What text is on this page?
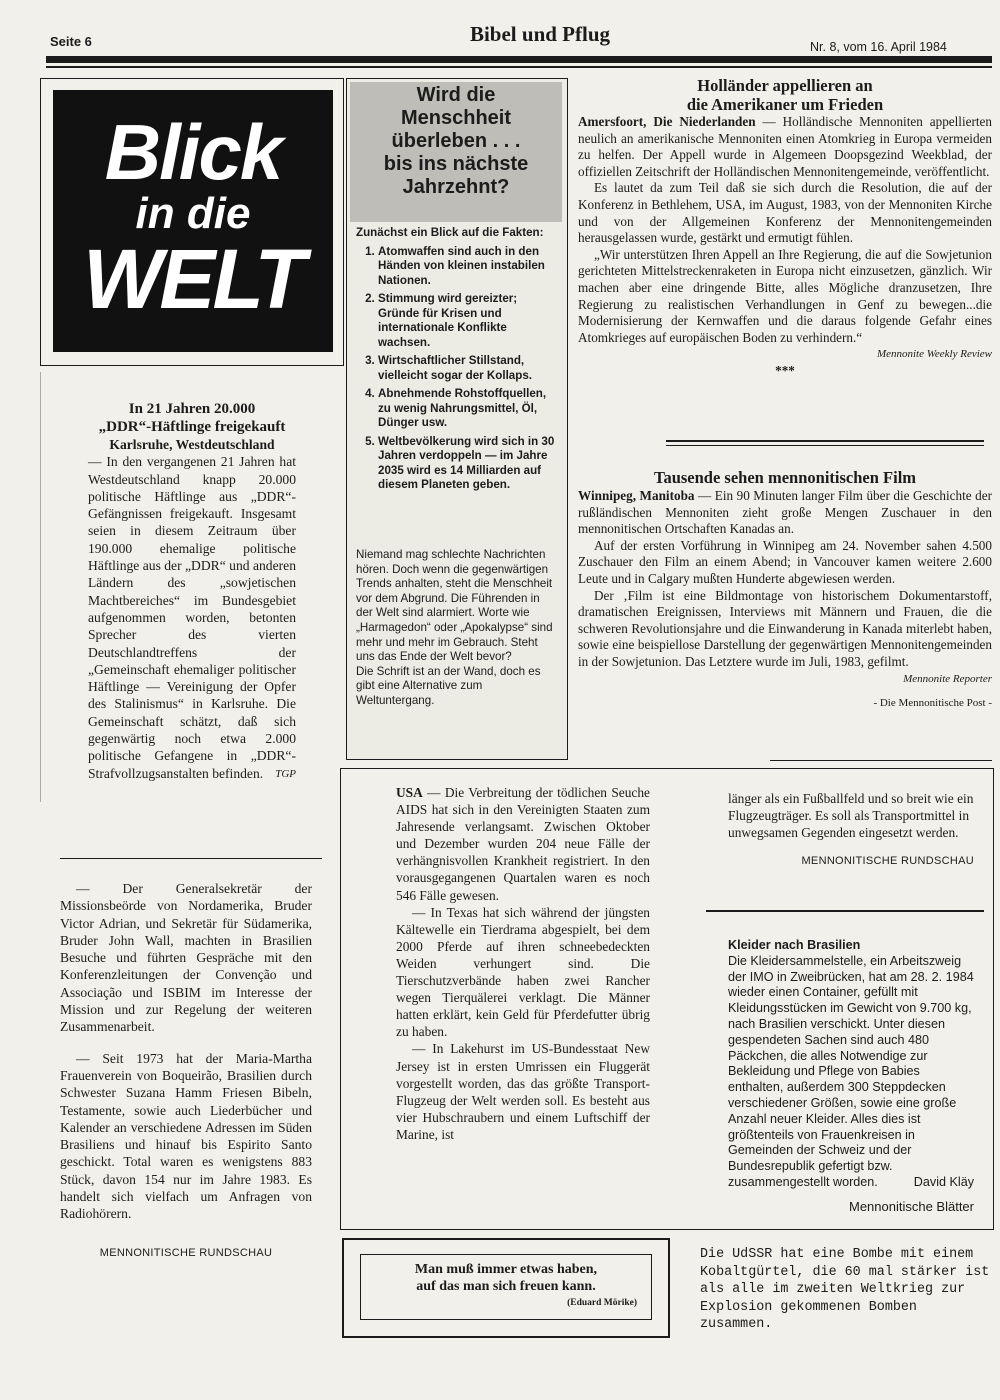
Seite 6	Bibel und Pflug
Nr. 8, vom 16. April 1984
Blick
in die
WELT
In 21 Jahren 20.000
„DDR“-Häftlinge freigekauft

Karlsruhe, Westdeutschland

— In den vergangenen 21 Jahren hat Westdeutschland knapp 20.000 politische Häftlinge aus „DDR“-Gefängnissen freigekauft. Insgesamt seien in diesem Zeitraum über 190.000 ehemalige politische Häftlinge aus der „DDR“ und anderen Ländern des „sowjetischen Machtbereiches“ im Bundesgebiet aufgenommen worden, betonten Sprecher des vierten Deutschlandtreffens der „Gemeinschaft ehemaliger politischer Häftlinge — Vereinigung der Opfer des Stalinismus“ in Karlsruhe. Die Gemeinschaft schätzt, daß sich gegenwärtig noch etwa 2.000 politische Gefangene in „DDR“-Strafvollzugsanstalten befinden.	TGP

— Der Generalsekretär der Missionsbeörde von Nordamerika, Bruder Victor Adrian, und Sekretär für Südamerika, Bruder John Wall, machten in Brasilien Besuche und führten Gespräche mit den Konferenzleitungen der Convenção und Associação und ISBIM im Interesse der Mission und zur Regelung der weiteren Zusammenarbeit.

— Seit 1973 hat der Maria-Martha Frauenverein von Boqueirão, Brasilien durch Schwester Suzana Hamm Friesen Bibeln, Testamente, sowie auch Liederbücher und Kalender an verschiedene Adressen im Süden Brasiliens und hinauf bis Espirito Santo geschickt. Total waren es wenigstens 883 Stück, davon 154 nur im Jahre 1983. Es handelt sich vielfach um Anfragen von Radiohörern.

MENNONITISCHE RUNDSCHAU

Wird die
Menschheit
überleben . . .
bis ins nächste
Jahrzehnt?

Zunächst ein Blick auf die Fakten:

1. Atomwaffen sind auch in den Händen von kleinen instabilen Nationen.
2. Stimmung wird gereizter; Gründe für Krisen und internationale Konflikte wachsen.
3. Wirtschaftlicher Stillstand, vielleicht sogar der Kollaps.
4. Abnehmende Rohstoffquellen, zu wenig Nahrungsmittel, Öl, Dünger usw.
5. Weltbevölkerung wird sich in 30 Jahren verdoppeln — im Jahre 2035 wird es 14 Milliarden auf diesem Planeten geben.

Niemand mag schlechte Nachrichten hören. Doch wenn die gegenwärtigen Trends anhalten, steht die Menschheit vor dem Abgrund. Die Führenden in der Welt sind alarmiert. Worte wie „Harmagedon“ oder „Apokalypse“ sind mehr und mehr im Gebrauch. Steht uns das Ende der Welt bevor?

Die Schrift ist an der Wand, doch es gibt eine Alternative zum Weltuntergang.

Holländer appellieren an
die Amerikaner um Frieden

Amersfoort, Die Niederlanden — Holländische Mennoniten appellierten neulich an amerikanische Mennoniten einen Atomkrieg in Europa vermeiden zu helfen. Der Appell wurde in Algemeen Doopsgezind Weekblad, der offiziellen Zeitschrift der Holländischen Mennonitengemeinde, veröffentlicht.

Es lautet da zum Teil daß sie sich durch die Resolution, die auf der Konferenz in Bethlehem, USA, im August, 1983, von der Mennoniten Kirche und von der Allgemeinen Konferenz der Mennonitengemeinden herausgelassen wurde, gestärkt und ermutigt fühlen.

„Wir unterstützen Ihren Appell an Ihre Regierung, die auf die Sowjetunion gerichteten Mittelstreckenraketen in Europa nicht einzusetzen, gänzlich. Wir machen aber eine dringende Bitte, alles Mögliche dranzusetzen, Ihre Regierung zu realistischen Verhandlungen in Genf zu bewegen...die Modernisierung der Kernwaffen und die daraus folgende Gefahr eines Atomkrieges auf europäischen Boden zu verhindern.“

Mennonite Weekly Review

***

Tausende sehen mennonitischen Film

Winnipeg, Manitoba — Ein 90 Minuten langer Film über die Geschichte der rußländischen Mennoniten zieht große Mengen Zuschauer in den mennonitischen Ortschaften Kanadas an.

Auf der ersten Vorführung in Winnipeg am 24. November sahen 4.500 Zuschauer den Film an einem Abend; in Vancouver kamen weitere 2.600 Leute und in Calgary mußten Hunderte abgewiesen werden.

Der ‚Film ist eine Bildmontage von historischem Dokumentarstoff, dramatischen Ereignissen, Interviews mit Männern und Frauen, die die schweren Revolutionsjahre und die Einwanderung in Kanada miterlebt haben, sowie eine beispiellose Darstellung der gegenwärtigen Mennonitengemeinden in der Sowjetunion. Das Letztere wurde im Juli, 1983, gefilmt.

Mennonite Reporter

- Die Mennonitische Post -

USA — Die Verbreitung der tödlichen Seuche AIDS hat sich in den Vereinigten Staaten zum Jahresende verlangsamt. Zwischen Oktober und Dezember wurden 204 neue Fälle der verhängnisvollen Krankheit registriert. In den vorausgegangenen Quartalen waren es noch 546 Fälle gewesen.

— In Texas hat sich während der jüngsten Kältewelle ein Tierdrama abgespielt, bei dem 2000 Pferde auf ihren schneebedeckten Weiden verhungert sind. Die Tierschutzverbände haben zwei Rancher wegen Tierquälerei verklagt. Die Männer hatten erklärt, kein Geld für Pferdefutter übrig zu haben.

— In Lakehurst im US-Bundesstaat New Jersey ist in ersten Umrissen ein Fluggerät vorgestellt worden, das das größte Transport-Flugzeug der Welt werden soll. Es besteht aus vier Hubschraubern und einem Luftschiff der Marine, ist

länger als ein Fußballfeld und so breit wie ein Flugzeugträger. Es soll als Transportmittel in unwegsamen Gegenden eingesetzt werden.

MENNONITISCHE RUNDSCHAU

Kleider nach Brasilien

Die Kleidersammelstelle, ein Arbeitszweig der IMO in Zweibrücken, hat am 28. 2. 1984 wieder einen Container, gefüllt mit Kleidungsstücken im Gewicht von 9.700 kg, nach Brasilien verschickt. Unter diesen gespendeten Sachen sind auch 480 Päckchen, die alles Notwendige zur Bekleidung und Pflege von Babies enthalten, außerdem 300 Steppdecken verschiedener Größen, sowie eine große Anzahl neuer Kleider. Alles dies ist größtenteils von Frauenkreisen in Gemeinden der Schweiz und der Bundesrepublik gefertigt bzw. zusammengestellt worden.	David Kläy

Mennonitische Blätter

Man muß immer etwas haben,
auf das man sich freuen kann.
(Eduard Mörike)
Die UdSSR hat eine Bombe mit einem Kobaltgürtel, die 60 mal stärker ist als alle im zweiten Weltkrieg zur Explosion gekommenen Bomben zusammen.
